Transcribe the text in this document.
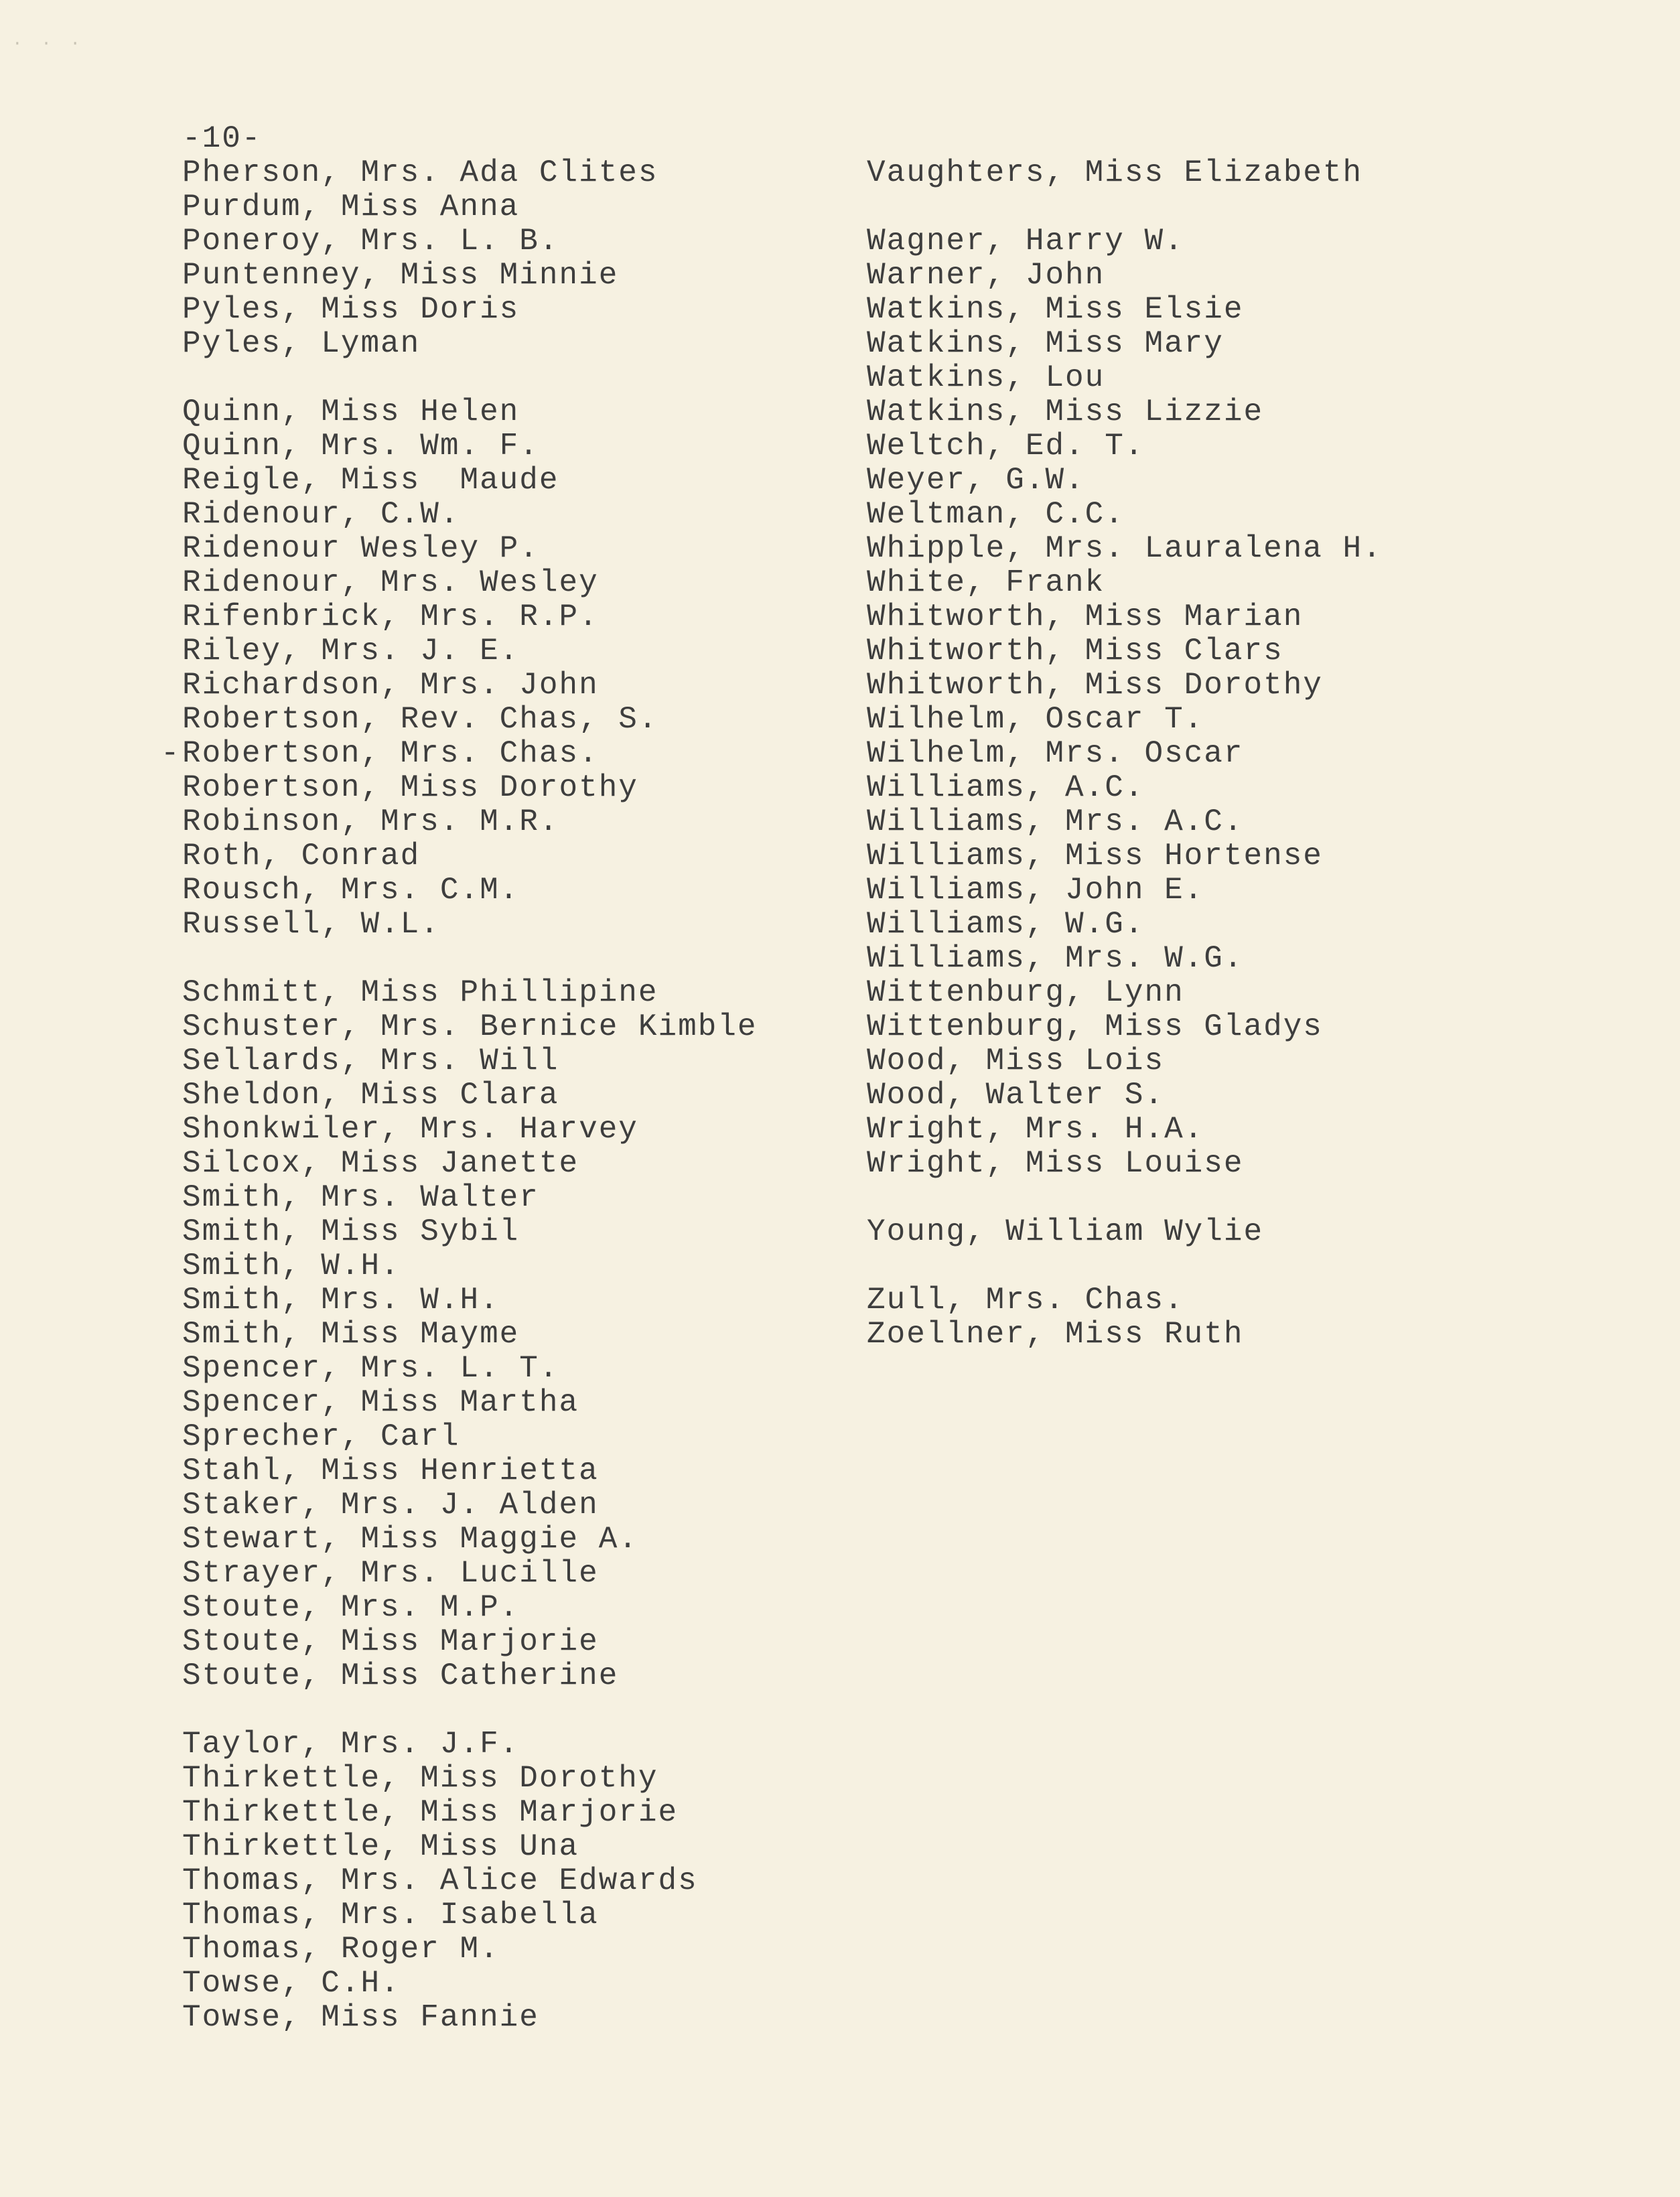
· · ·
-10-
-
Pherson, Mrs. Ada Clites
Purdum, Miss Anna
Poneroy, Mrs. L. B.
Puntenney, Miss Minnie
Pyles, Miss Doris
Pyles, Lyman
Quinn, Miss Helen
Quinn, Mrs. Wm. F.
Reigle, Miss  Maude
Ridenour, C.W.
Ridenour Wesley P.
Ridenour, Mrs. Wesley
Rifenbrick, Mrs. R.P.
Riley, Mrs. J. E.
Richardson, Mrs. John
Robertson, Rev. Chas, S.
Robertson, Mrs. Chas.
Robertson, Miss Dorothy
Robinson, Mrs. M.R.
Roth, Conrad
Rousch, Mrs. C.M.
Russell, W.L.
Schmitt, Miss Phillipine
Schuster, Mrs. Bernice Kimble
Sellards, Mrs. Will
Sheldon, Miss Clara
Shonkwiler, Mrs. Harvey
Silcox, Miss Janette
Smith, Mrs. Walter
Smith, Miss Sybil
Smith, W.H.
Smith, Mrs. W.H.
Smith, Miss Mayme
Spencer, Mrs. L. T.
Spencer, Miss Martha
Sprecher, Carl
Stahl, Miss Henrietta
Staker, Mrs. J. Alden
Stewart, Miss Maggie A.
Strayer, Mrs. Lucille
Stoute, Mrs. M.P.
Stoute, Miss Marjorie
Stoute, Miss Catherine
Taylor, Mrs. J.F.
Thirkettle, Miss Dorothy
Thirkettle, Miss Marjorie
Thirkettle, Miss Una
Thomas, Mrs. Alice Edwards
Thomas, Mrs. Isabella
Thomas, Roger M.
Towse, C.H.
Towse, Miss Fannie
Vaughters, Miss Elizabeth
Wagner, Harry W.
Warner, John
Watkins, Miss Elsie
Watkins, Miss Mary
Watkins, Lou
Watkins, Miss Lizzie
Weltch, Ed. T.
Weyer, G.W.
Weltman, C.C.
Whipple, Mrs. Lauralena H.
White, Frank
Whitworth, Miss Marian
Whitworth, Miss Clars
Whitworth, Miss Dorothy
Wilhelm, Oscar T.
Wilhelm, Mrs. Oscar
Williams, A.C.
Williams, Mrs. A.C.
Williams, Miss Hortense
Williams, John E.
Williams, W.G.
Williams, Mrs. W.G.
Wittenburg, Lynn
Wittenburg, Miss Gladys
Wood, Miss Lois
Wood, Walter S.
Wright, Mrs. H.A.
Wright, Miss Louise
Young, William Wylie
Zull, Mrs. Chas.
Zoellner, Miss Ruth
